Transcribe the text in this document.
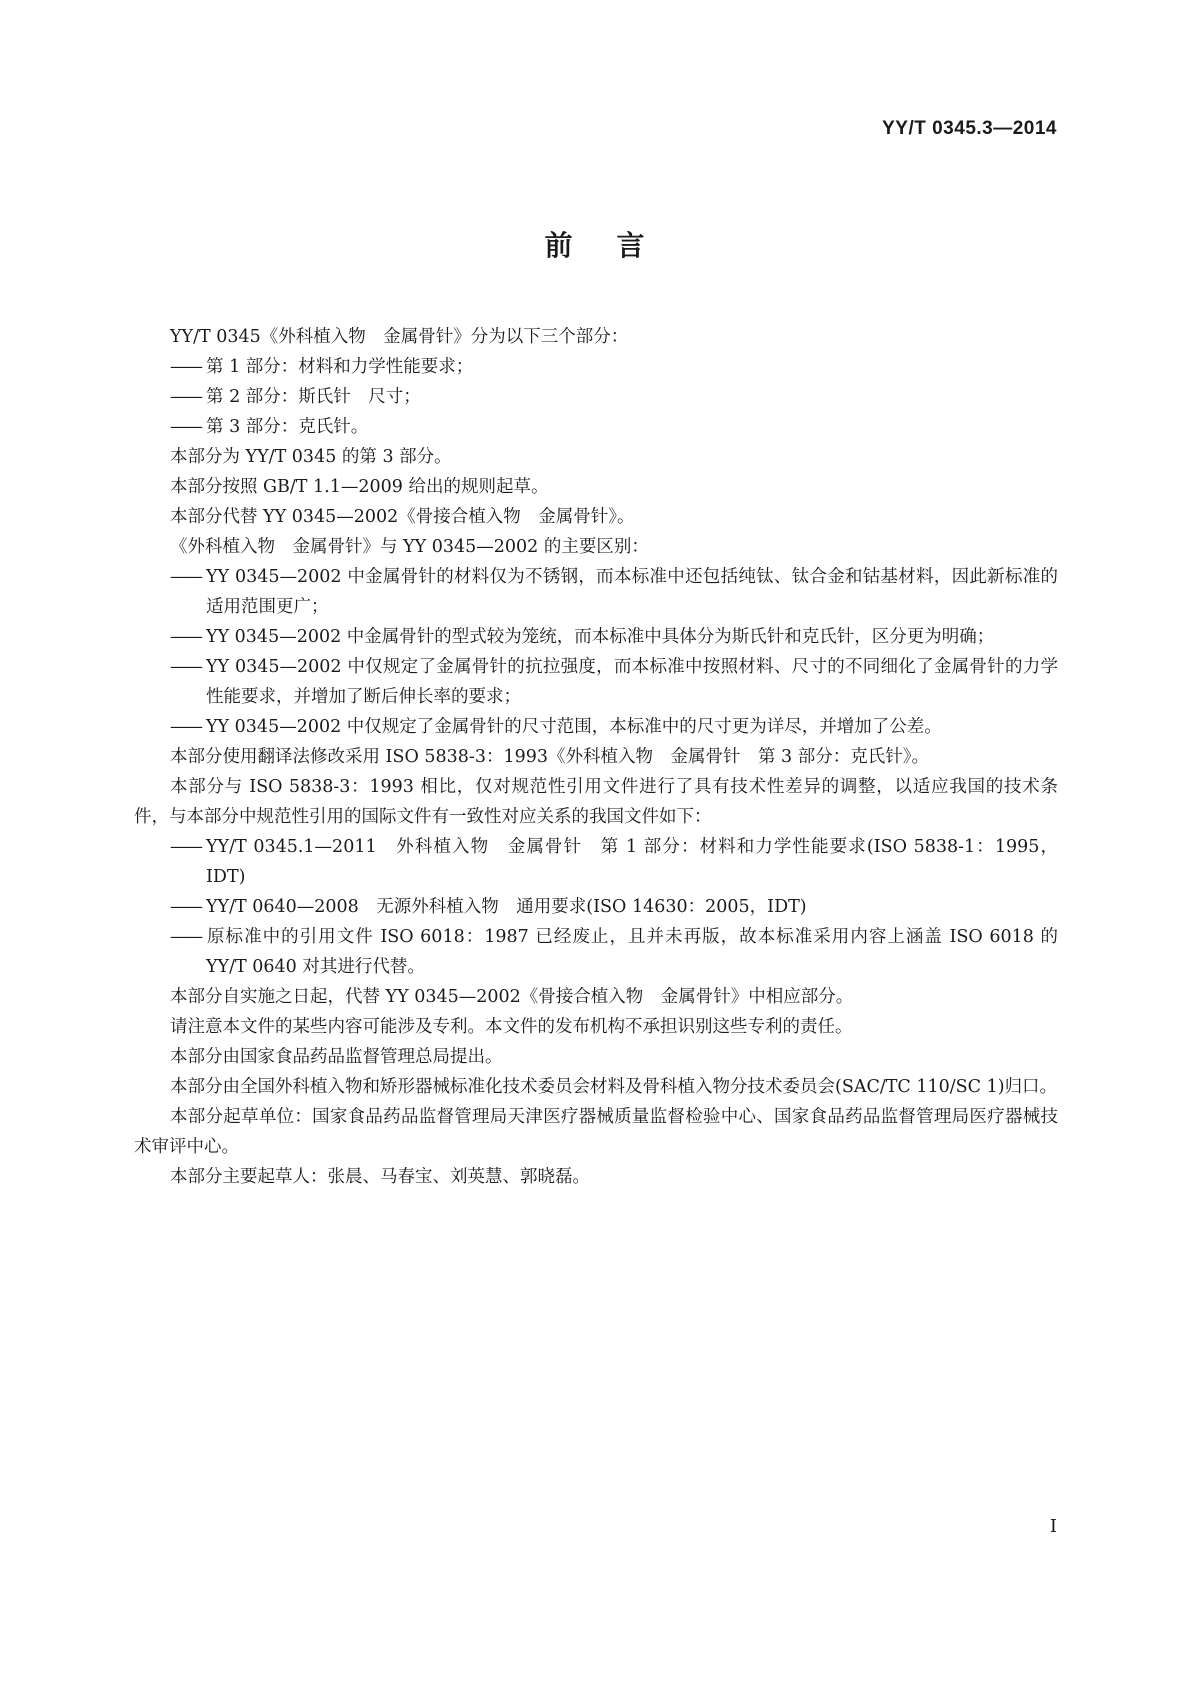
YY/T 0345.3—2014
前 言

YY/T 0345《外科植入物　金属骨针》分为以下三个部分：

—— 第 1 部分：材料和力学性能要求；

—— 第 2 部分：斯氏针　尺寸；

—— 第 3 部分：克氏针。

本部分为 YY/T 0345 的第 3 部分。

本部分按照 GB/T 1.1—2009 给出的规则起草。

本部分代替 YY 0345—2002《骨接合植入物　金属骨针》。

《外科植入物　金属骨针》与 YY 0345—2002 的主要区别：

—— YY 0345—2002 中金属骨针的材料仅为不锈钢，而本标准中还包括纯钛、钛合金和钴基材料，因此新标准的适用范围更广；

—— YY 0345—2002 中金属骨针的型式较为笼统，而本标准中具体分为斯氏针和克氏针，区分更为明确；

—— YY 0345—2002 中仅规定了金属骨针的抗拉强度，而本标准中按照材料、尺寸的不同细化了金属骨针的力学性能要求，并增加了断后伸长率的要求；

—— YY 0345—2002 中仅规定了金属骨针的尺寸范围，本标准中的尺寸更为详尽，并增加了公差。

本部分使用翻译法修改采用 ISO 5838-3：1993《外科植入物　金属骨针　第 3 部分：克氏针》。

本部分与 ISO 5838-3：1993 相比，仅对规范性引用文件进行了具有技术性差异的调整，以适应我国的技术条件，与本部分中规范性引用的国际文件有一致性对应关系的我国文件如下：

—— YY/T 0345.1—2011　外科植入物　金属骨针　第 1 部分：材料和力学性能要求(ISO 5838-1：1995，IDT)

—— YY/T 0640—2008　无源外科植入物　通用要求(ISO 14630：2005，IDT)

—— 原标准中的引用文件 ISO 6018：1987 已经废止，且并未再版，故本标准采用内容上涵盖 ISO 6018 的 YY/T 0640 对其进行代替。

本部分自实施之日起，代替 YY 0345—2002《骨接合植入物　金属骨针》中相应部分。

请注意本文件的某些内容可能涉及专利。本文件的发布机构不承担识别这些专利的责任。

本部分由国家食品药品监督管理总局提出。

本部分由全国外科植入物和矫形器械标准化技术委员会材料及骨科植入物分技术委员会(SAC/TC 110/SC 1)归口。

本部分起草单位：国家食品药品监督管理局天津医疗器械质量监督检验中心、国家食品药品监督管理局医疗器械技术审评中心。

本部分主要起草人：张晨、马春宝、刘英慧、郭晓磊。

I
